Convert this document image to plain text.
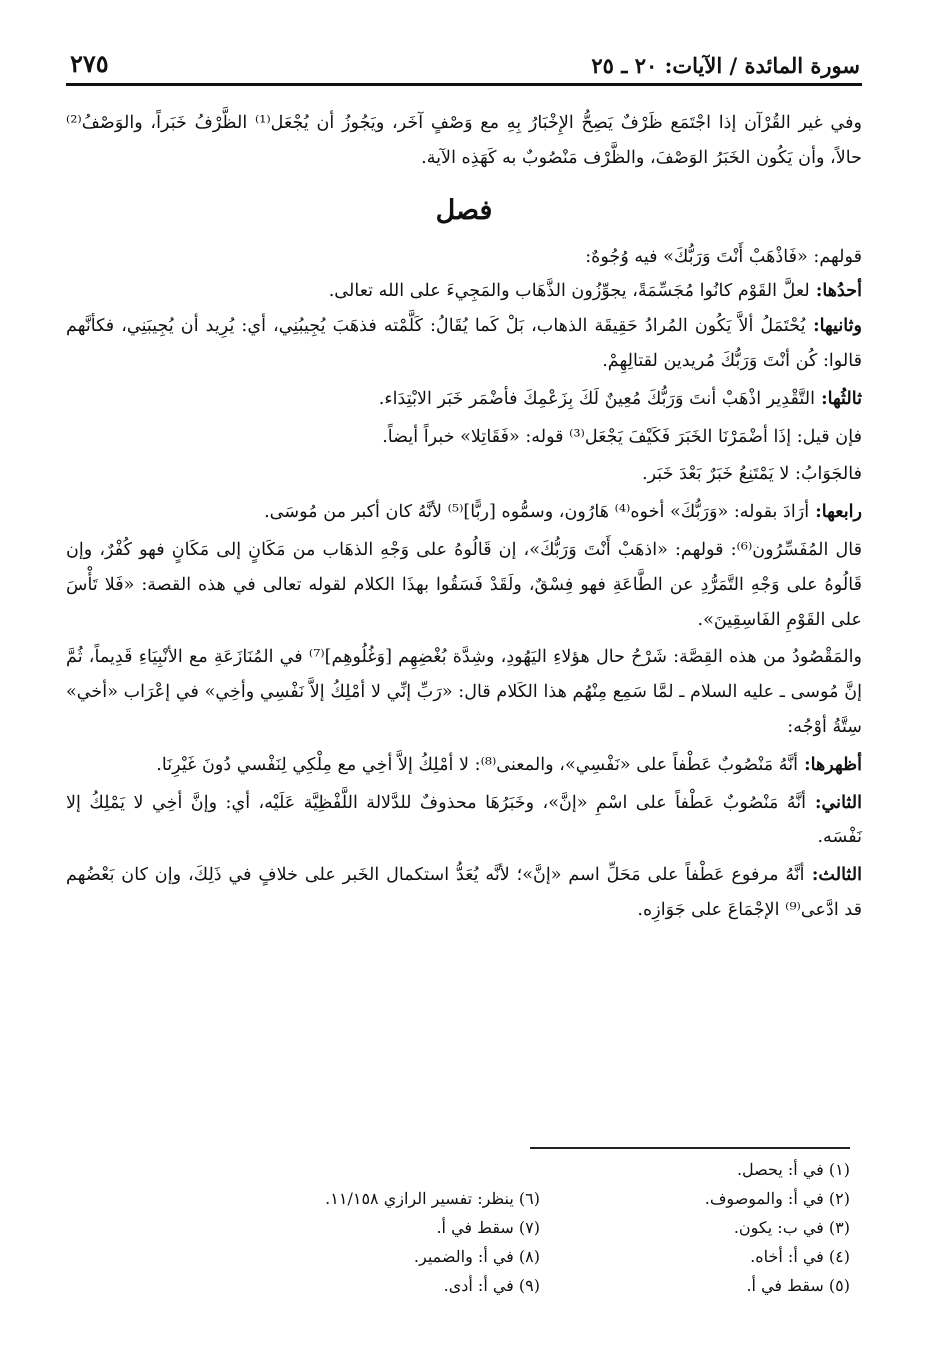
سورة المائدة / الآيات: ٢٠ ـ ٢٥
٢٧٥

وفي غير القُرْآن إذا اجْتَمَع ظَرْفٌ يَصِحُّ الإِخْبَارُ بِهِ مع وَصْفٍ آخَر، ويَجُوزُ أن يُجْعَل⁽¹⁾ الظَّرْفُ خَبَراً، والوَصْفُ⁽²⁾ حالاً، وأن يَكُون الخَبَرُ الوَصْفَ، والظَّرْف مَنْصُوبٌ به كَهَذِه الآية.

فصل

قولهم: «فَاذْهَبْ أَنْتَ وَرَبُّكَ» فيه وُجُوهٌ:

أحدُها: لعلَّ القَوْم كانُوا مُجَسِّمَةً، يجوِّزُون الذَّهَاب والمَجِيءَ على الله تعالى.

وثانيها: يُحْتَمَلُ ألاَّ يَكُون المُرادُ حَقِيقَة الذهاب، بَلْ كَما يُقَالُ: كَلَّمْته فذهَبَ يُجِيبُنِي، أي: يُرِيد أن يُجِيبَنِي، فكأنَّهم قالوا: كُن أنْتَ وَرَبُّكَ مُريدين لقتالِهِمْ.

ثالثُها: التَّقْدِير اذْهَبْ أنتَ وَرَبُّكَ مُعِينٌ لَكَ بِزَعْمِكَ فأضْمَر خَبَر الابْتِدَاء.

فإن قيل: إذَا أضْمَرْنَا الخَبَرَ فَكَيْفَ يَجْعَل⁽³⁾ قوله: «فَقَاتِلا» خبراً أيضاً.

فالجَوَابُ: لا يَمْتَنِعُ خَبَرٌ بَعْدَ خَبَر.

رابعها: أرَادَ بقوله: «وَرَبُّكَ» أخوه⁽⁴⁾ هَارُون، وسمُّوه [ربًّا]⁽⁵⁾ لأنَّهُ كان أكبر من مُوسَى.

قال المُفَسِّرُون⁽⁶⁾: قولهم: «اذهَبْ أَنْتَ وَرَبُّكَ»، إن قَالُوهُ على وَجْهِ الذهَاب من مَكَانٍ إلى مَكَانٍ فهو كُفْرٌ، وإن قَالُوهُ على وَجْهِ التَّمَرُّدِ عن الطَّاعَةِ فهو فِسْقٌ، ولَقَدْ فَسَقُوا بهذَا الكلام لقوله تعالى في هذه القصة: «فَلا تَأْسَ على القَوْمِ الفَاسِقِينَ».

والمَقْصُودُ من هذه القِصَّة: شَرْحُ حال هؤلاءِ اليَهُودِ، وشِدَّة بُغْضِهِم [وَغُلُوهِم]⁽⁷⁾ في المُنَازَعَةِ مع الأنْبِيَاءِ قَدِيماً، ثُمَّ إنَّ مُوسى ـ عليه السلام ـ لمَّا سَمِع مِنْهُم هذا الكَلام قال: «رَبِّ إنِّي لا أمْلِكُ إلاَّ نَفْسِي وأخِي» في إعْرَاب «أخي» سِتَّةُ أوْجُه:

أظهرها: أنَّهُ مَنْصُوبٌ عَطْفاً على «نَفْسِي»، والمعنى⁽⁸⁾: لا أمْلِكُ إلاَّ أخِي مع مِلْكِي لِنَفْسي دُونَ غَيْرِنَا.

الثاني: أنَّهُ مَنْصُوبٌ عَطْفاً على اسْمِ «إنَّ»، وخَبَرُهَا محذوفٌ للدَّلالة اللَّفْظِيَّة عَلَيْه، أي: وإنَّ أخِي لا يَمْلِكُ إلا نَفْسَه.

الثالث: أنَّهُ مرفوع عَطْفاً على مَحَلِّ اسم «إنَّ»؛ لأنَّه يُعَدُّ استكمال الخَبر على خلافٍ في ذَلِكَ، وإن كان بَعْضُهم قد ادَّعى⁽⁹⁾ الإجْمَاعَ على جَوَازِه.

(١) في أ: يحصل.
(٢) في أ: والموصوف.
(٣) في ب: يكون.
(٤) في أ: أخاه.
(٥) سقط في أ.
(٦) ينظر: تفسير الرازي ١١/١٥٨.
(٧) سقط في أ.
(٨) في أ: والضمير.
(٩) في أ: أدى.
